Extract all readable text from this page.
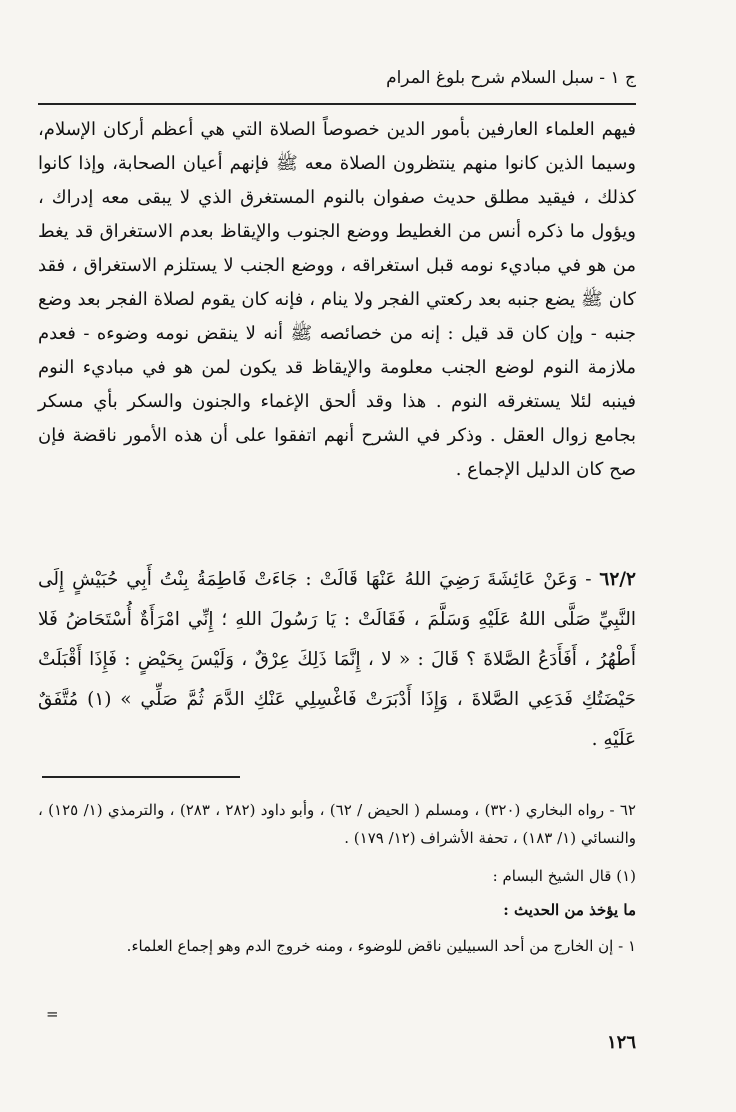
ج ١ - سبل السلام شرح بلوغ المرام

فيهم العلماء العارفين بأمور الدين خصوصاً الصلاة التي هي أعظم أركان الإسلام، وسيما الذين كانوا منهم ينتظرون الصلاة معه ﷺ فإنهم أعيان الصحابة، وإذا كانوا كذلك ، فيقيد مطلق حديث صفوان بالنوم المستغرق الذي لا يبقى معه إدراك ، ويؤول ما ذكره أنس من الغطيط ووضع الجنوب والإيقاظ بعدم الاستغراق قد يغط من هو في مباديء نومه قبل استغراقه ، ووضع الجنب لا يستلزم الاستغراق ، فقد كان ﷺ يضع جنبه بعد ركعتي الفجر ولا ينام ، فإنه كان يقوم لصلاة الفجر بعد وضع جنبه - وإن كان قد قيل : إنه من خصائصه ﷺ أنه لا ينقض نومه وضوءه - فعدم ملازمة النوم لوضع الجنب معلومة والإيقاظ قد يكون لمن هو في مباديء النوم فينبه لئلا يستغرقه النوم . هذا وقد ألحق الإغماء والجنون والسكر بأي مسكر بجامع زوال العقل . وذكر في الشرح أنهم اتفقوا على أن هذه الأمور ناقضة فإن صح كان الدليل الإجماع .

٦٢/٢ - وَعَنْ عَائِشَةَ رَضِيَ اللهُ عَنْهَا قَالَتْ : جَاءَتْ فَاطِمَةُ بِنْتُ أَبِي حُبَيْشٍ إِلَى النَّبِيِّ صَلَّى اللهُ عَلَيْهِ وَسَلَّمَ ، فَقَالَتْ : يَا رَسُولَ اللهِ ؛ إِنِّي امْرَأَةٌ أُسْتَحَاضُ فَلا أَطْهُرُ ، أَفَأَدَعُ الصَّلاةَ ؟ قَالَ : « لا ، إِنَّمَا ذَلِكَ عِرْقٌ ، وَلَيْسَ بِحَيْضٍ : فَإِذَا أَقْبَلَتْ حَيْضَتُكِ فَدَعِي الصَّلاةَ ، وَإِذَا أَدْبَرَتْ فَاغْسِلِي عَنْكِ الدَّمَ ثُمَّ صَلِّي » (١) مُتَّفَقٌ عَلَيْهِ .

٦٢ - رواه البخاري (٣٢٠) ، ومسلم ( الحيض / ٦٢) ، وأبو داود (٢٨٢ ، ٢٨٣) ، والترمذي (١/ ١٢٥) ، والنسائي (١/ ١٨٣) ، تحفة الأشراف (١٢/ ١٧٩) .

(١) قال الشيخ البسام :

ما يؤخذ من الحديث :

١ - إن الخارج من أحد السبيلين ناقض للوضوء ، ومنه خروج الدم وهو إجماع العلماء.

=
١٢٦
